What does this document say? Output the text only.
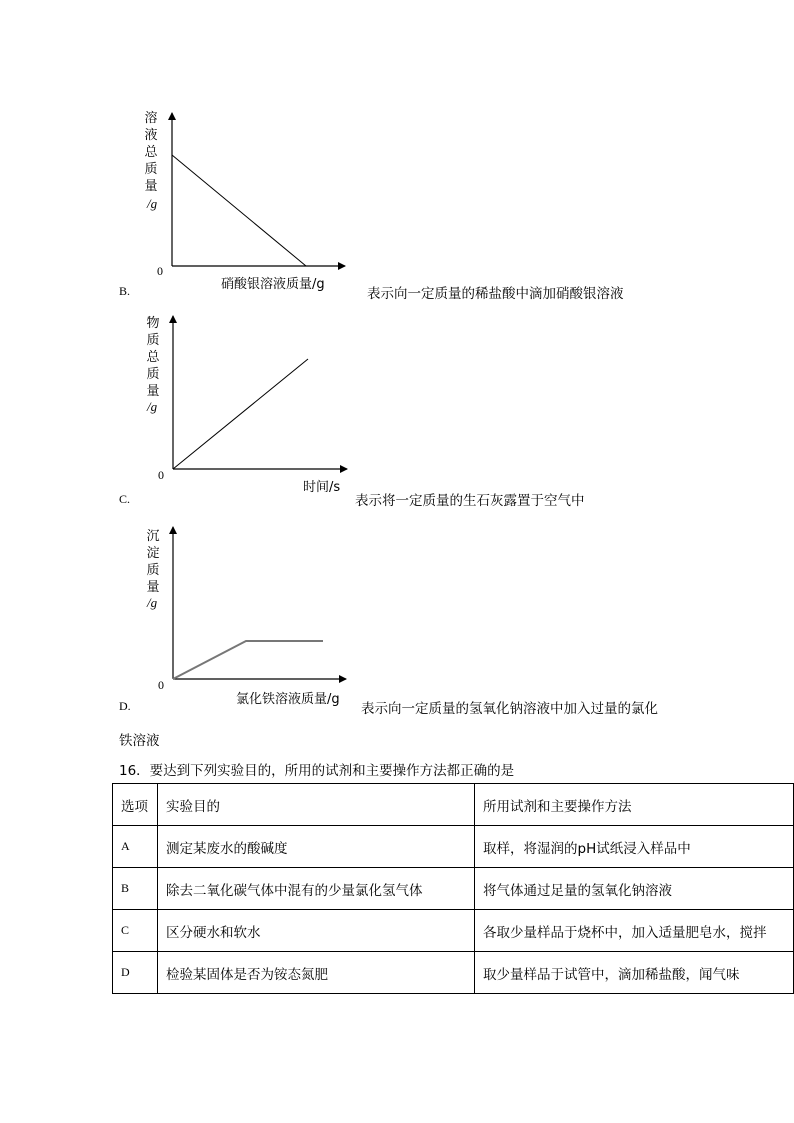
溶液总质量
/g
0
硝酸银溶液质量/g
B.	表示向一定质量的稀盐酸中滴加硝酸银溶液
物质总质量
/g
0
时间/s
C.	表示将一定质量的生石灰露置于空气中
沉淀质量
/g
0
氯化铁溶液质量/g
D.	表示向一定质量的氢氧化钠溶液中加入过量的氯化
铁溶液
16．要达到下列实验目的，所用的试剂和主要操作方法都正确的是
选项	实验目的	所用试剂和主要操作方法
A	测定某废水的酸碱度	取样，将湿润的pH试纸浸入样品中
B	除去二氧化碳气体中混有的少量氯化氢气体	将气体通过足量的氢氧化钠溶液
C	区分硬水和软水	各取少量样品于烧杯中，加入适量肥皂水，搅拌
D	检验某固体是否为铵态氮肥	取少量样品于试管中，滴加稀盐酸，闻气味
